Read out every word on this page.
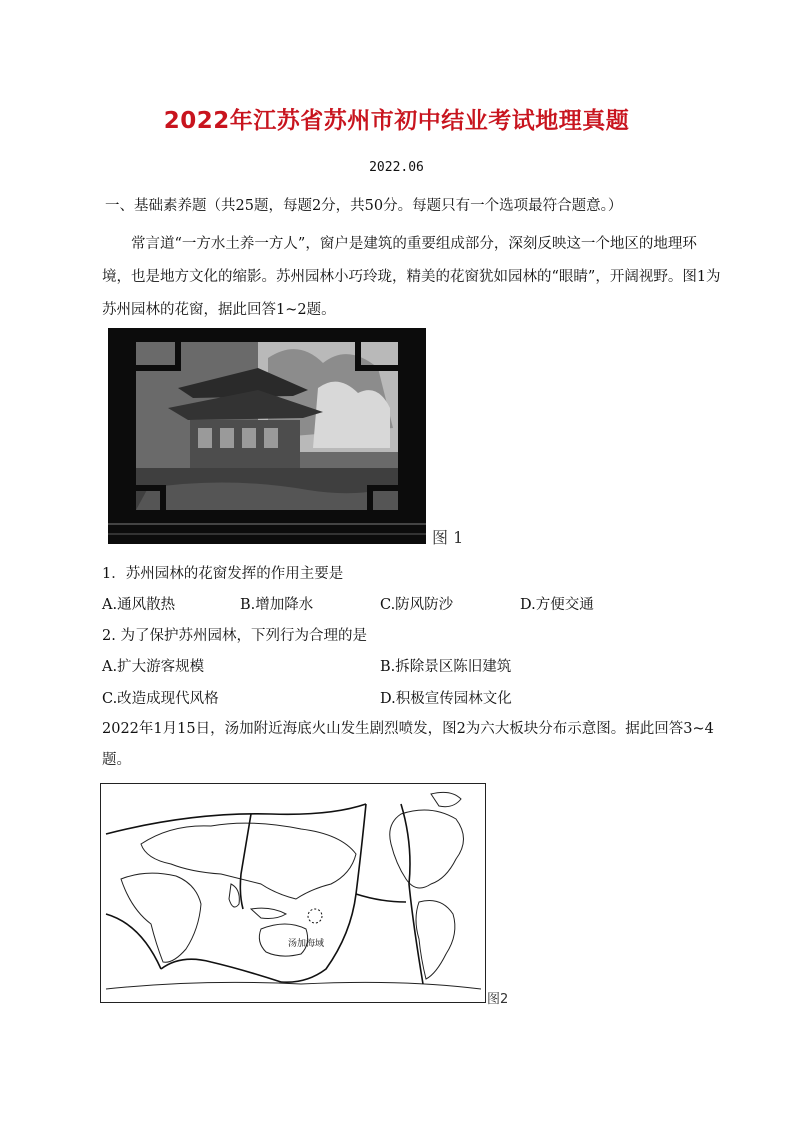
2022年江苏省苏州市初中结业考试地理真题
2022.06
一、基础素养题（共25题，每题2分，共50分。每题只有一个选项最符合题意。）
常言道“一方水土养一方人”，窗户是建筑的重要组成部分，深刻反映这一个地区的地理环境，也是地方文化的缩影。苏州园林小巧玲珑，精美的花窗犹如园林的“眼睛”，开阔视野。图1为苏州园林的花窗，据此回答1~2题。
图 1
1．苏州园林的花窗发挥的作用主要是
A.通风散热	B.增加降水	C.防风防沙	D.方便交通
2. 为了保护苏州园林，下列行为合理的是
A.扩大游客规模	B.拆除景区陈旧建筑
C.改造成现代风格	D.积极宣传园林文化
2022年1月15日，汤加附近海底火山发生剧烈喷发，图2为六大板块分布示意图。据此回答3~4题。
汤加海域
图2
